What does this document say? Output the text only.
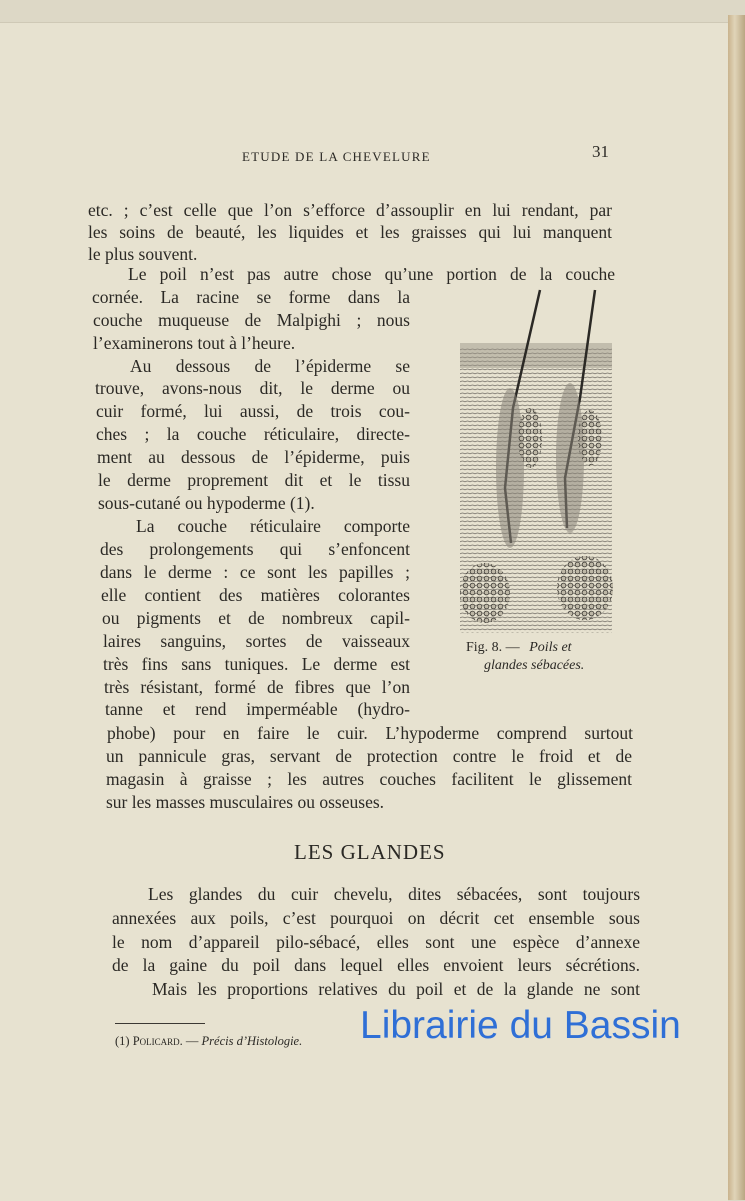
ETUDE DE LA CHEVELURE	31
etc. ; c’est celle que l’on s’efforce d’assouplir en lui rendant, par
les soins de beauté, les liquides et les graisses qui lui manquent
le plus souvent.
Le poil n’est pas autre chose qu’une portion de la couche
cornée. La racine se forme dans la
couche muqueuse de Malpighi ; nous
l’examinerons tout à l’heure.
Au dessous de l’épiderme se
trouve, avons-nous dit, le derme ou
cuir formé, lui aussi, de trois cou-
ches ; la couche réticulaire, directe-
ment au dessous de l’épiderme, puis
le derme proprement dit et le tissu
sous-cutané ou hypoderme (1).
La couche réticulaire comporte
des prolongements qui s’enfoncent
dans le derme : ce sont les papilles ;
elle contient des matières colorantes
ou pigments et de nombreux capil-
laires sanguins, sortes de vaisseaux
très fins sans tuniques. Le derme est
très résistant, formé de fibres que l’on
tanne et rend imperméable (hydro-
phobe) pour en faire le cuir. L’hypoderme comprend surtout
un pannicule gras, servant de protection contre le froid et de
magasin à graisse ; les autres couches facilitent le glissement
sur les masses musculaires ou osseuses.
Les glandes du cuir chevelu, dites sébacées, sont toujours
annexées aux poils, c’est pourquoi on décrit cet ensemble sous
le nom d’appareil pilo-sébacé, elles sont une espèce d’annexe
de la gaine du poil dans lequel elles envoient leurs sécrétions.
Mais les proportions relatives du poil et de la glande ne sont
LES GLANDES
Fig. 8. — Poils et
glandes sébacées.
(1) Policard. — Précis d’Histologie. Librairie du Bassin
